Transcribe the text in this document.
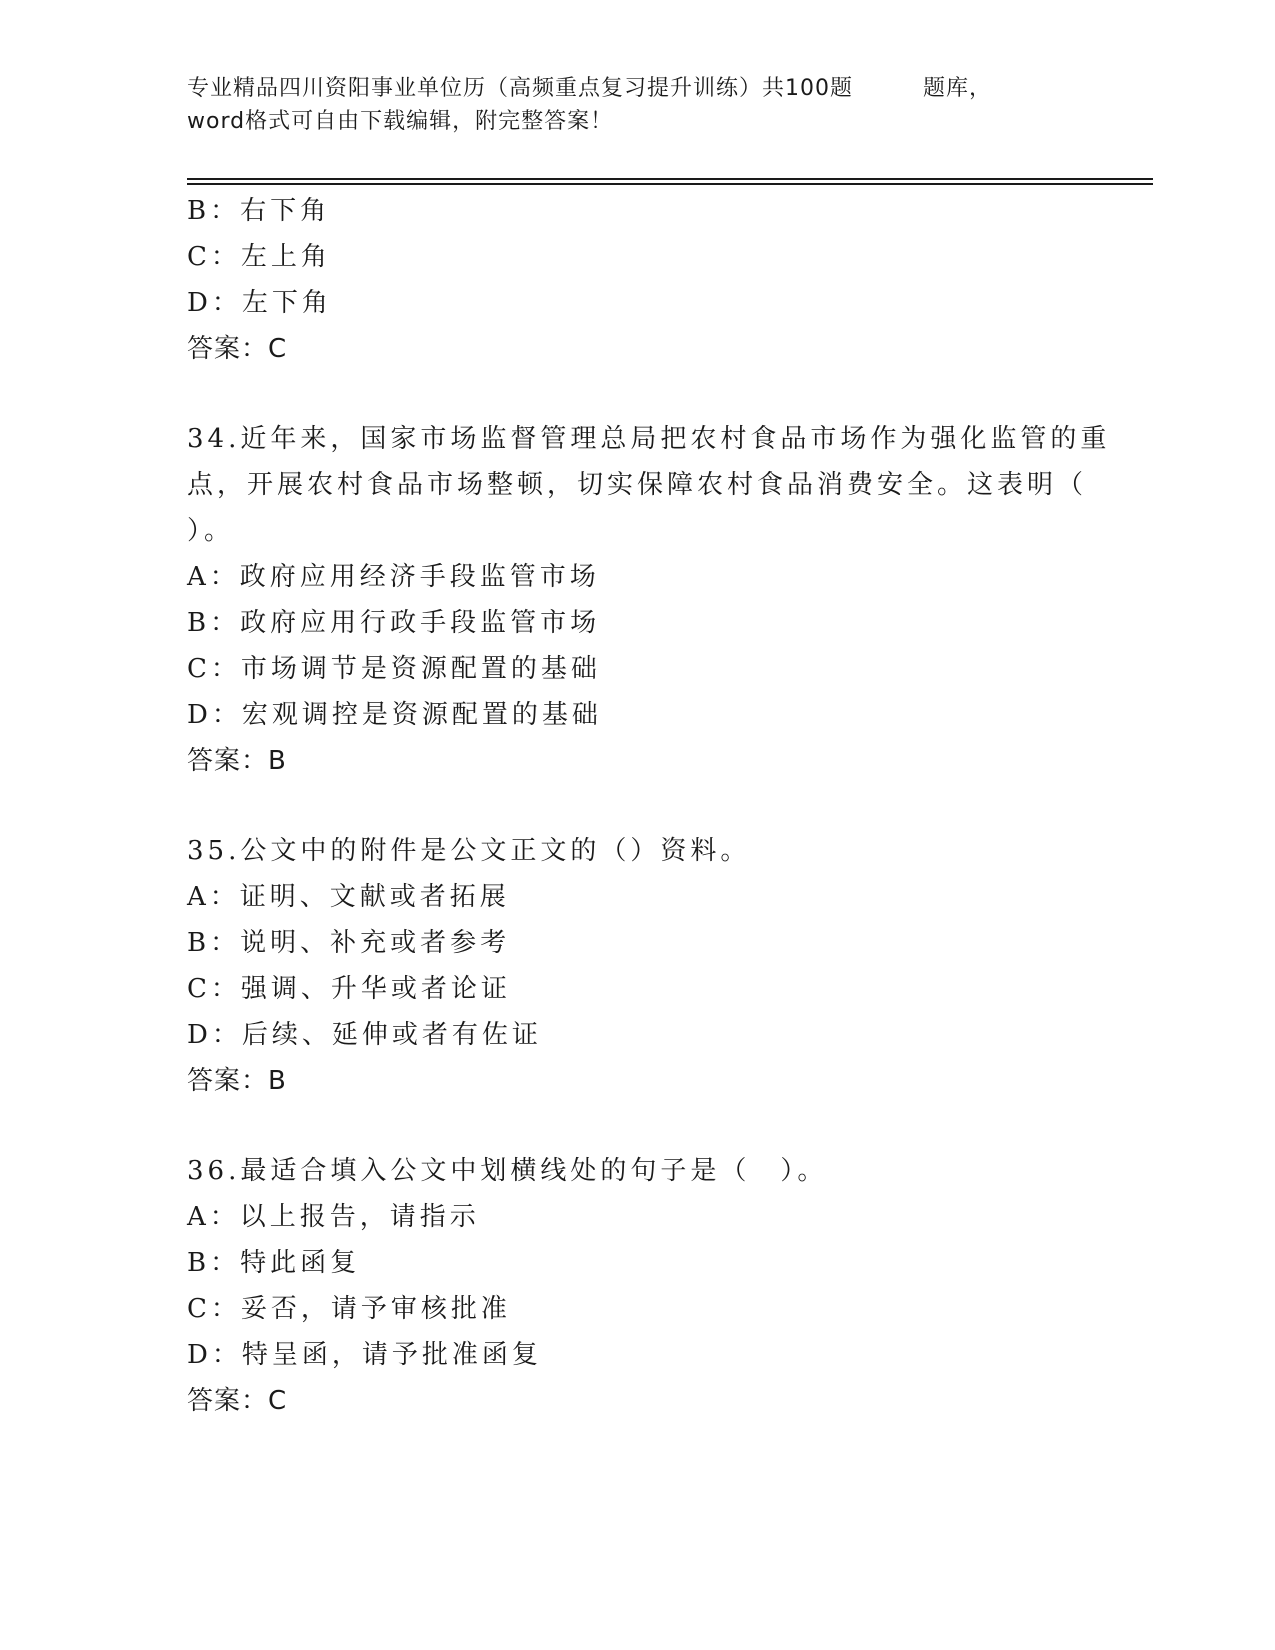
专业精品四川资阳事业单位历（高频重点复习提升训练）共100题	题库，
word格式可自由下载编辑，附完整答案！
B：右下角
C：左上角
D：左下角
答案：C
34.近年来，国家市场监督管理总局把农村食品市场作为强化监管的重
点，开展农村食品市场整顿，切实保障农村食品消费安全。这表明（
）。
A：政府应用经济手段监管市场
B：政府应用行政手段监管市场
C：市场调节是资源配置的基础
D：宏观调控是资源配置的基础
答案：B
35.公文中的附件是公文正文的（）资料。
A：证明、文献或者拓展
B：说明、补充或者参考
C：强调、升华或者论证
D：后续、延伸或者有佐证
答案：B
36.最适合填入公文中划横线处的句子是（　）。
A：以上报告，请指示
B：特此函复
C：妥否，请予审核批准
D：特呈函，请予批准函复
答案：C
